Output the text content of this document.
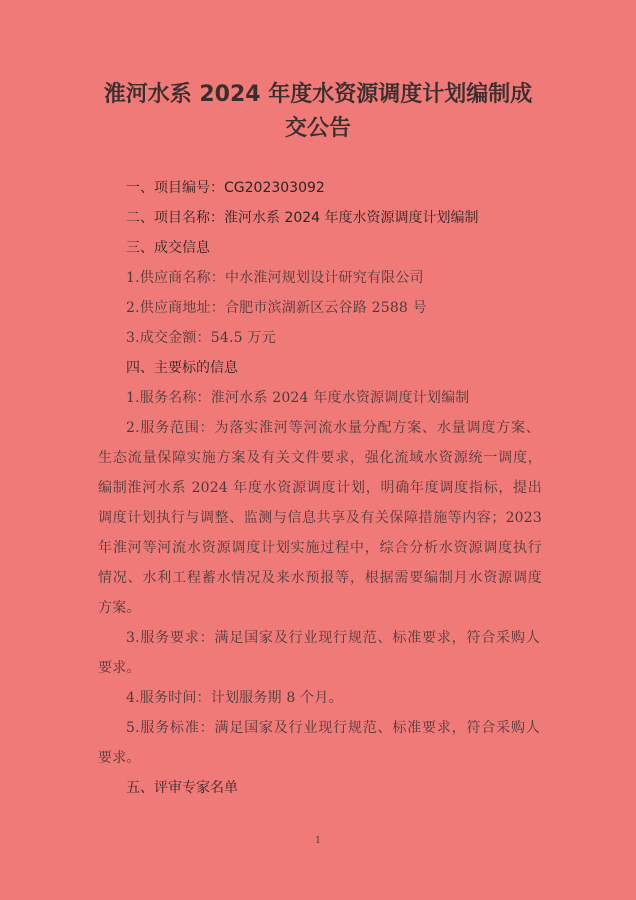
淮河水系 2024 年度水资源调度计划编制成
交公告
一、项目编号：CG202303092
二、项目名称：淮河水系 2024 年度水资源调度计划编制
三、成交信息
1.供应商名称：中水淮河规划设计研究有限公司
2.供应商地址：合肥市滨湖新区云谷路 2588 号
3.成交金额：54.5 万元
四、主要标的信息
1.服务名称：淮河水系 2024 年度水资源调度计划编制
2.服务范围：为落实淮河等河流水量分配方案、水量调度方案、
生态流量保障实施方案及有关文件要求，强化流域水资源统一调度，
编制淮河水系 2024 年度水资源调度计划，明确年度调度指标，提出
调度计划执行与调整、监测与信息共享及有关保障措施等内容；2023
年淮河等河流水资源调度计划实施过程中，综合分析水资源调度执行
情况、水利工程蓄水情况及来水预报等，根据需要编制月水资源调度
方案。
3.服务要求：满足国家及行业现行规范、标准要求，符合采购人
要求。
4.服务时间：计划服务期 8 个月。
5.服务标准：满足国家及行业现行规范、标准要求，符合采购人
要求。
五、评审专家名单
1
